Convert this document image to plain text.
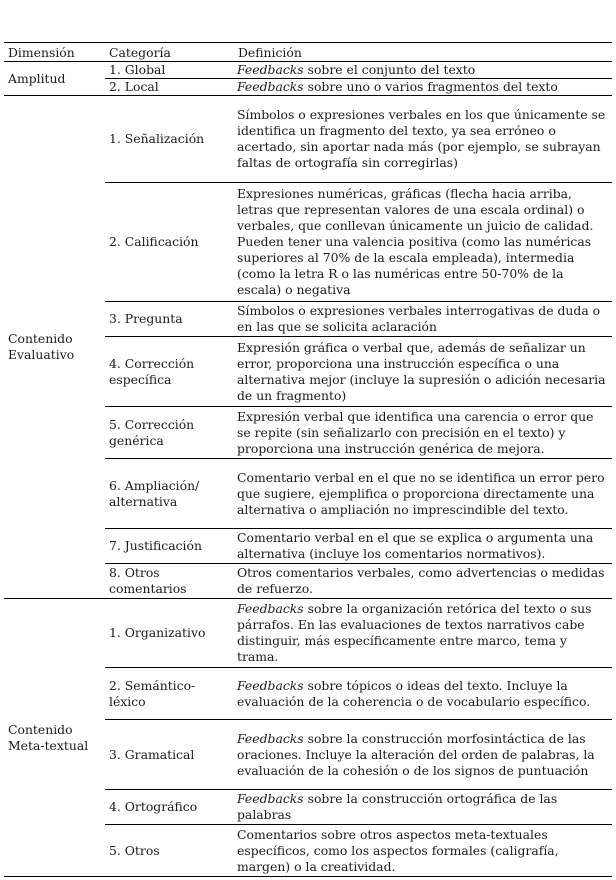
Dimensión	Categoría	Definición
Amplitud	1. Global	Feedbacks sobre el conjunto del texto
	2. Local	Feedbacks sobre uno o varios fragmentos del texto
Contenido Evaluativo	1. Señalización	Símbolos o expresiones verbales en los que únicamente se identifica un fragmento del texto, ya sea erróneo o acertado, sin aportar nada más (por ejemplo, se subrayan faltas de ortografía sin corregirlas)
	2. Calificación	Expresiones numéricas, gráficas (flecha hacia arriba, letras que representan valores de una escala ordinal) o verbales, que conllevan únicamente un juicio de calidad. Pueden tener una valencia positiva (como las numéricas superiores al 70% de la escala empleada), intermedia (como la letra R o las numéricas entre 50-70% de la escala) o negativa
	3. Pregunta	Símbolos o expresiones verbales interrogativas de duda o en las que se solicita aclaración
	4. Corrección específica	Expresión gráfica o verbal que, además de señalizar un error, proporciona una instrucción específica o una alternativa mejor (incluye la supresión o adición necesaria de un fragmento)
	5. Corrección genérica	Expresión verbal que identifica una carencia o error que se repite (sin señalizarlo con precisión en el texto) y proporciona una instrucción genérica de mejora.
	6. Ampliación/ alternativa	Comentario verbal en el que no se identifica un error pero que sugiere, ejemplifica o proporciona directamente una alternativa o ampliación no imprescindible del texto.
	7. Justificación	Comentario verbal en el que se explica o argumenta una alternativa (incluye los comentarios normativos).
	8. Otros comentarios	Otros comentarios verbales, como advertencias o medidas de refuerzo.
Contenido Meta-textual	1. Organizativo	Feedbacks sobre la organización retórica del texto o sus párrafos. En las evaluaciones de textos narrativos cabe distinguir, más específicamente entre marco, tema y trama.
	2. Semántico-léxico	Feedbacks sobre tópicos o ideas del texto. Incluye la evaluación de la coherencia o de vocabulario específico.
	3. Gramatical	Feedbacks sobre la construcción morfosintáctica de las oraciones. Incluye la alteración del orden de palabras, la evaluación de la cohesión o de los signos de puntuación
	4. Ortográfico	Feedbacks sobre la construcción ortográfica de las palabras
	5. Otros	Comentarios sobre otros aspectos meta-textuales específicos, como los aspectos formales (caligrafía, margen) o la creatividad.
